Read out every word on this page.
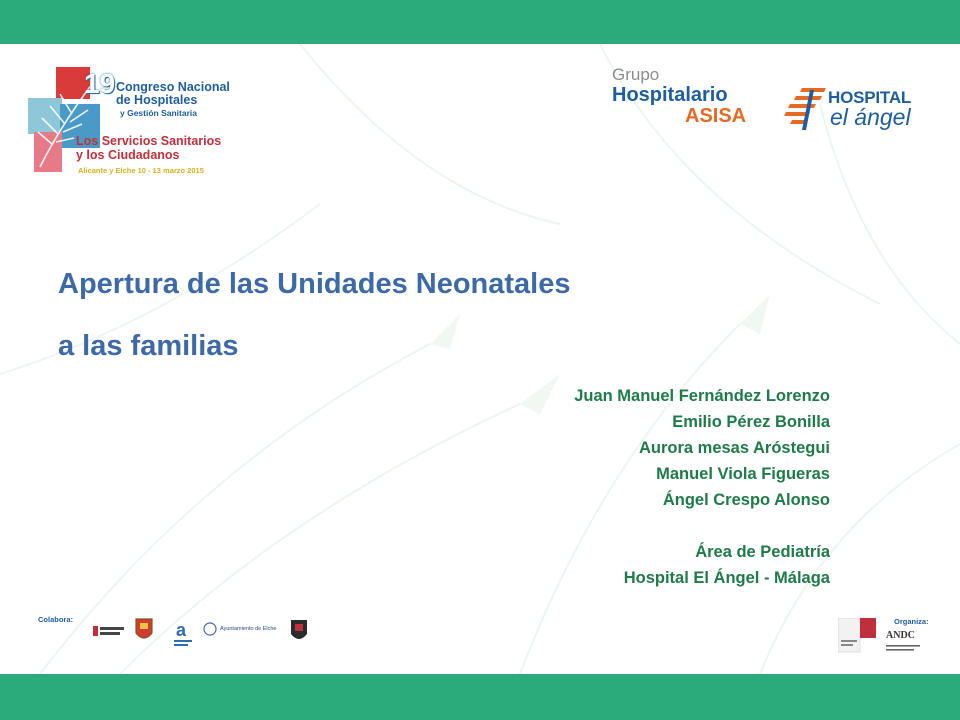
19 Congreso Nacional
de Hospitales
y Gestión Sanitaria
Los Servicios Sanitarios
y los Ciudadanos
Alicante y Elche 10 - 13 marzo 2015
Grupo
Hospitalario
ASISA
HOSPITAL
el ángel
Apertura de las Unidades Neonatales
a las familias
Juan Manuel Fernández Lorenzo
Emilio Pérez Bonilla
Aurora mesas Aróstegui
Manuel Viola Figueras
Ángel Crespo Alonso
Área de Pediatría
Hospital El Ángel - Málaga
Colabora:
a	Ayuntamiento de Elche
Organiza:
ANDC
